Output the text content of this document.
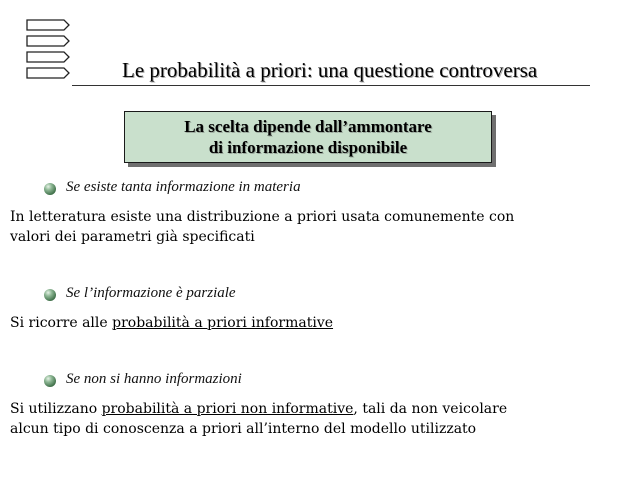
Le probabilità a priori: una questione controversa
La scelta dipende dall’ammontare
di informazione disponibile
Se esiste tanta informazione in materia
In letteratura esiste una distribuzione a priori usata comunemente con
valori dei parametri già specificati
Se l’informazione è parziale
Si ricorre alle probabilità a priori informative
Se non si hanno informazioni
Si utilizzano probabilità a priori non informative, tali da non veicolare
alcun tipo di conoscenza a priori all’interno del modello utilizzato
